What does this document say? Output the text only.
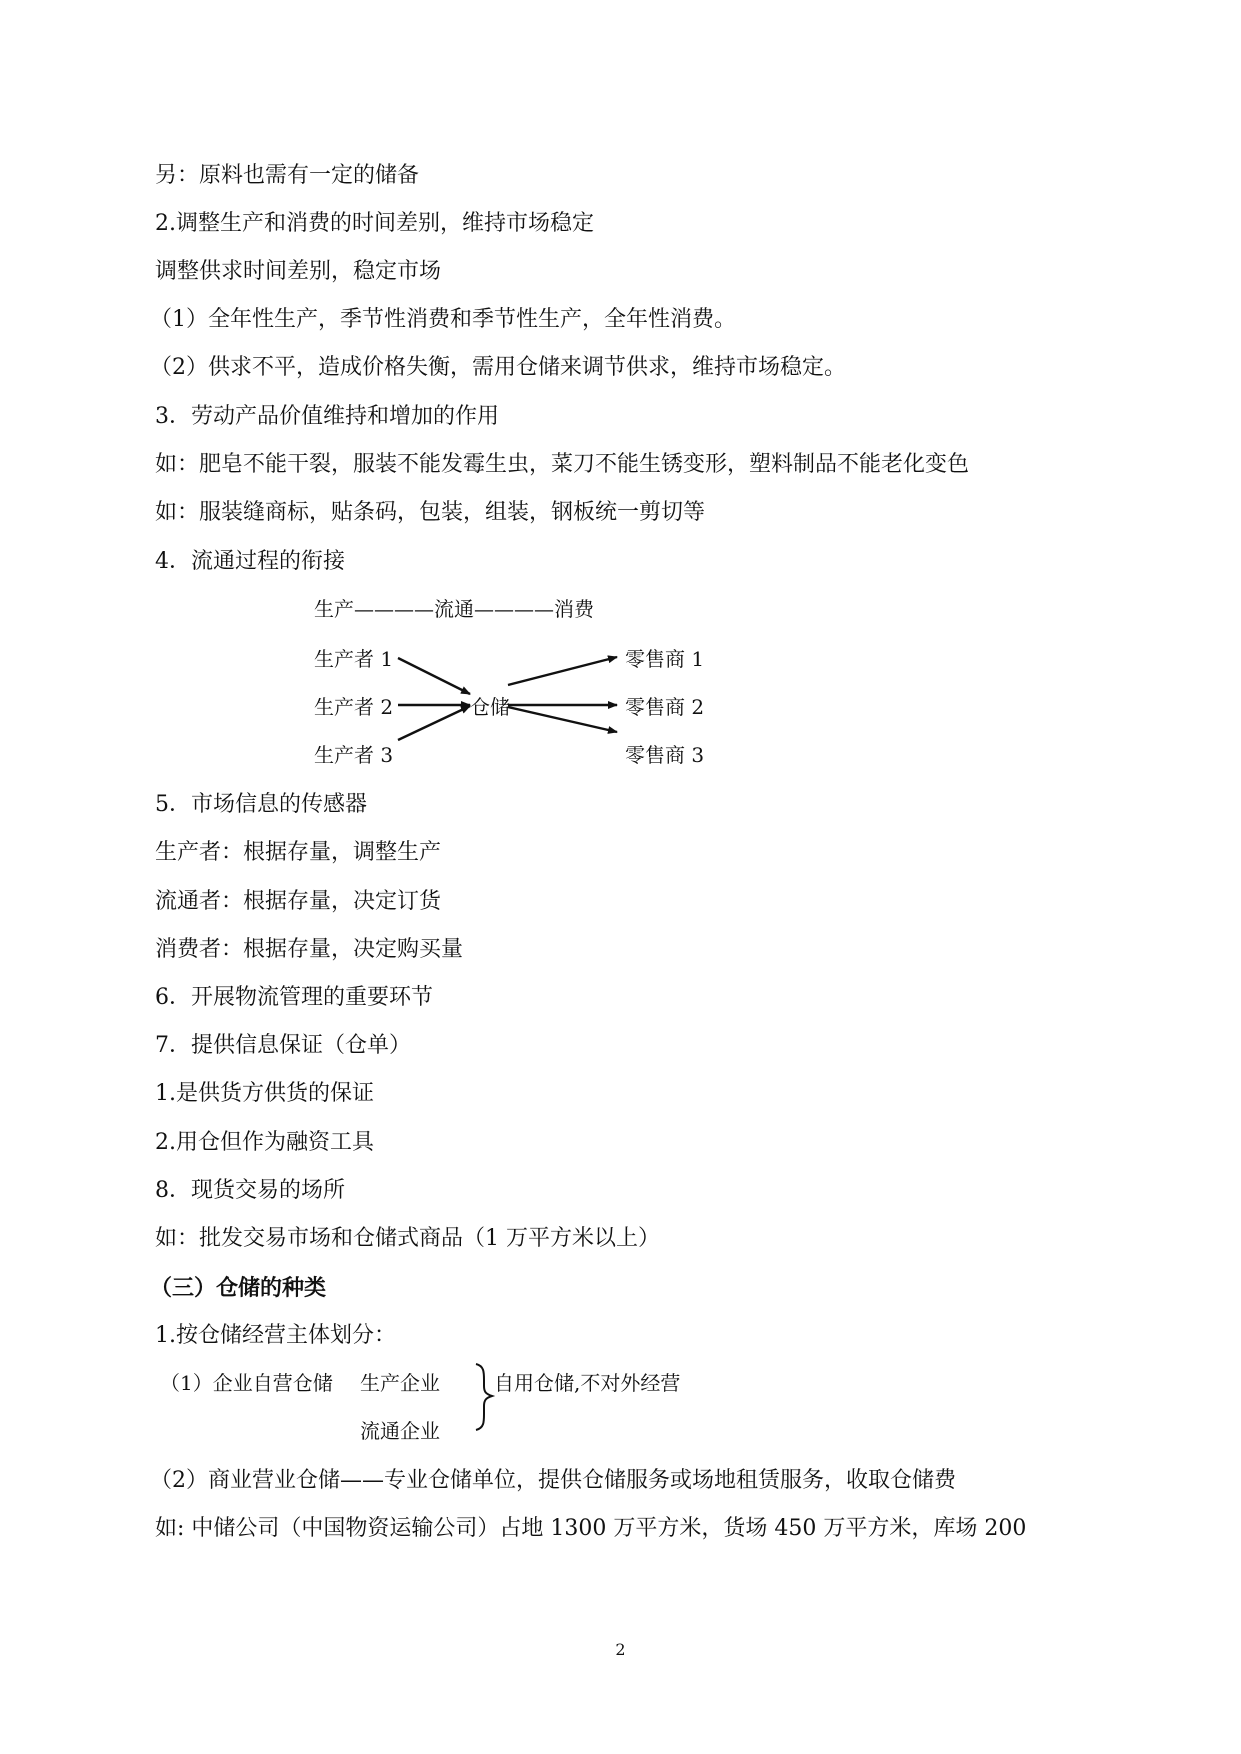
另：原料也需有一定的储备
2.调整生产和消费的时间差别，维持市场稳定
调整供求时间差别，稳定市场
（1）全年性生产，季节性消费和季节性生产，全年性消费。
（2）供求不平，造成价格失衡，需用仓储来调节供求，维持市场稳定。
3．劳动产品价值维持和增加的作用
如：肥皂不能干裂，服装不能发霉生虫，菜刀不能生锈变形，塑料制品不能老化变色
如：服装缝商标，贴条码，包装，组装，钢板统一剪切等
4．流通过程的衔接
生产————流通————消费
生产者 1
生产者 2
生产者 3
仓储
零售商 1
零售商 2
零售商 3
5．市场信息的传感器
生产者：根据存量，调整生产
流通者：根据存量，决定订货
消费者：根据存量，决定购买量
6．开展物流管理的重要环节
7．提供信息保证（仓单）
1.是供货方供货的保证
2.用仓但作为融资工具
8．现货交易的场所
如：批发交易市场和仓储式商品（1 万平方米以上）
（三）仓储的种类
1.按仓储经营主体划分：
（1）企业自营仓储 生产企业
流通企业
自用仓储,不对外经营
（2）商业营业仓储——专业仓储单位，提供仓储服务或场地租赁服务，收取仓储费
如: 中储公司（中国物资运输公司）占地 1300 万平方米，货场 450 万平方米，库场 200
2
